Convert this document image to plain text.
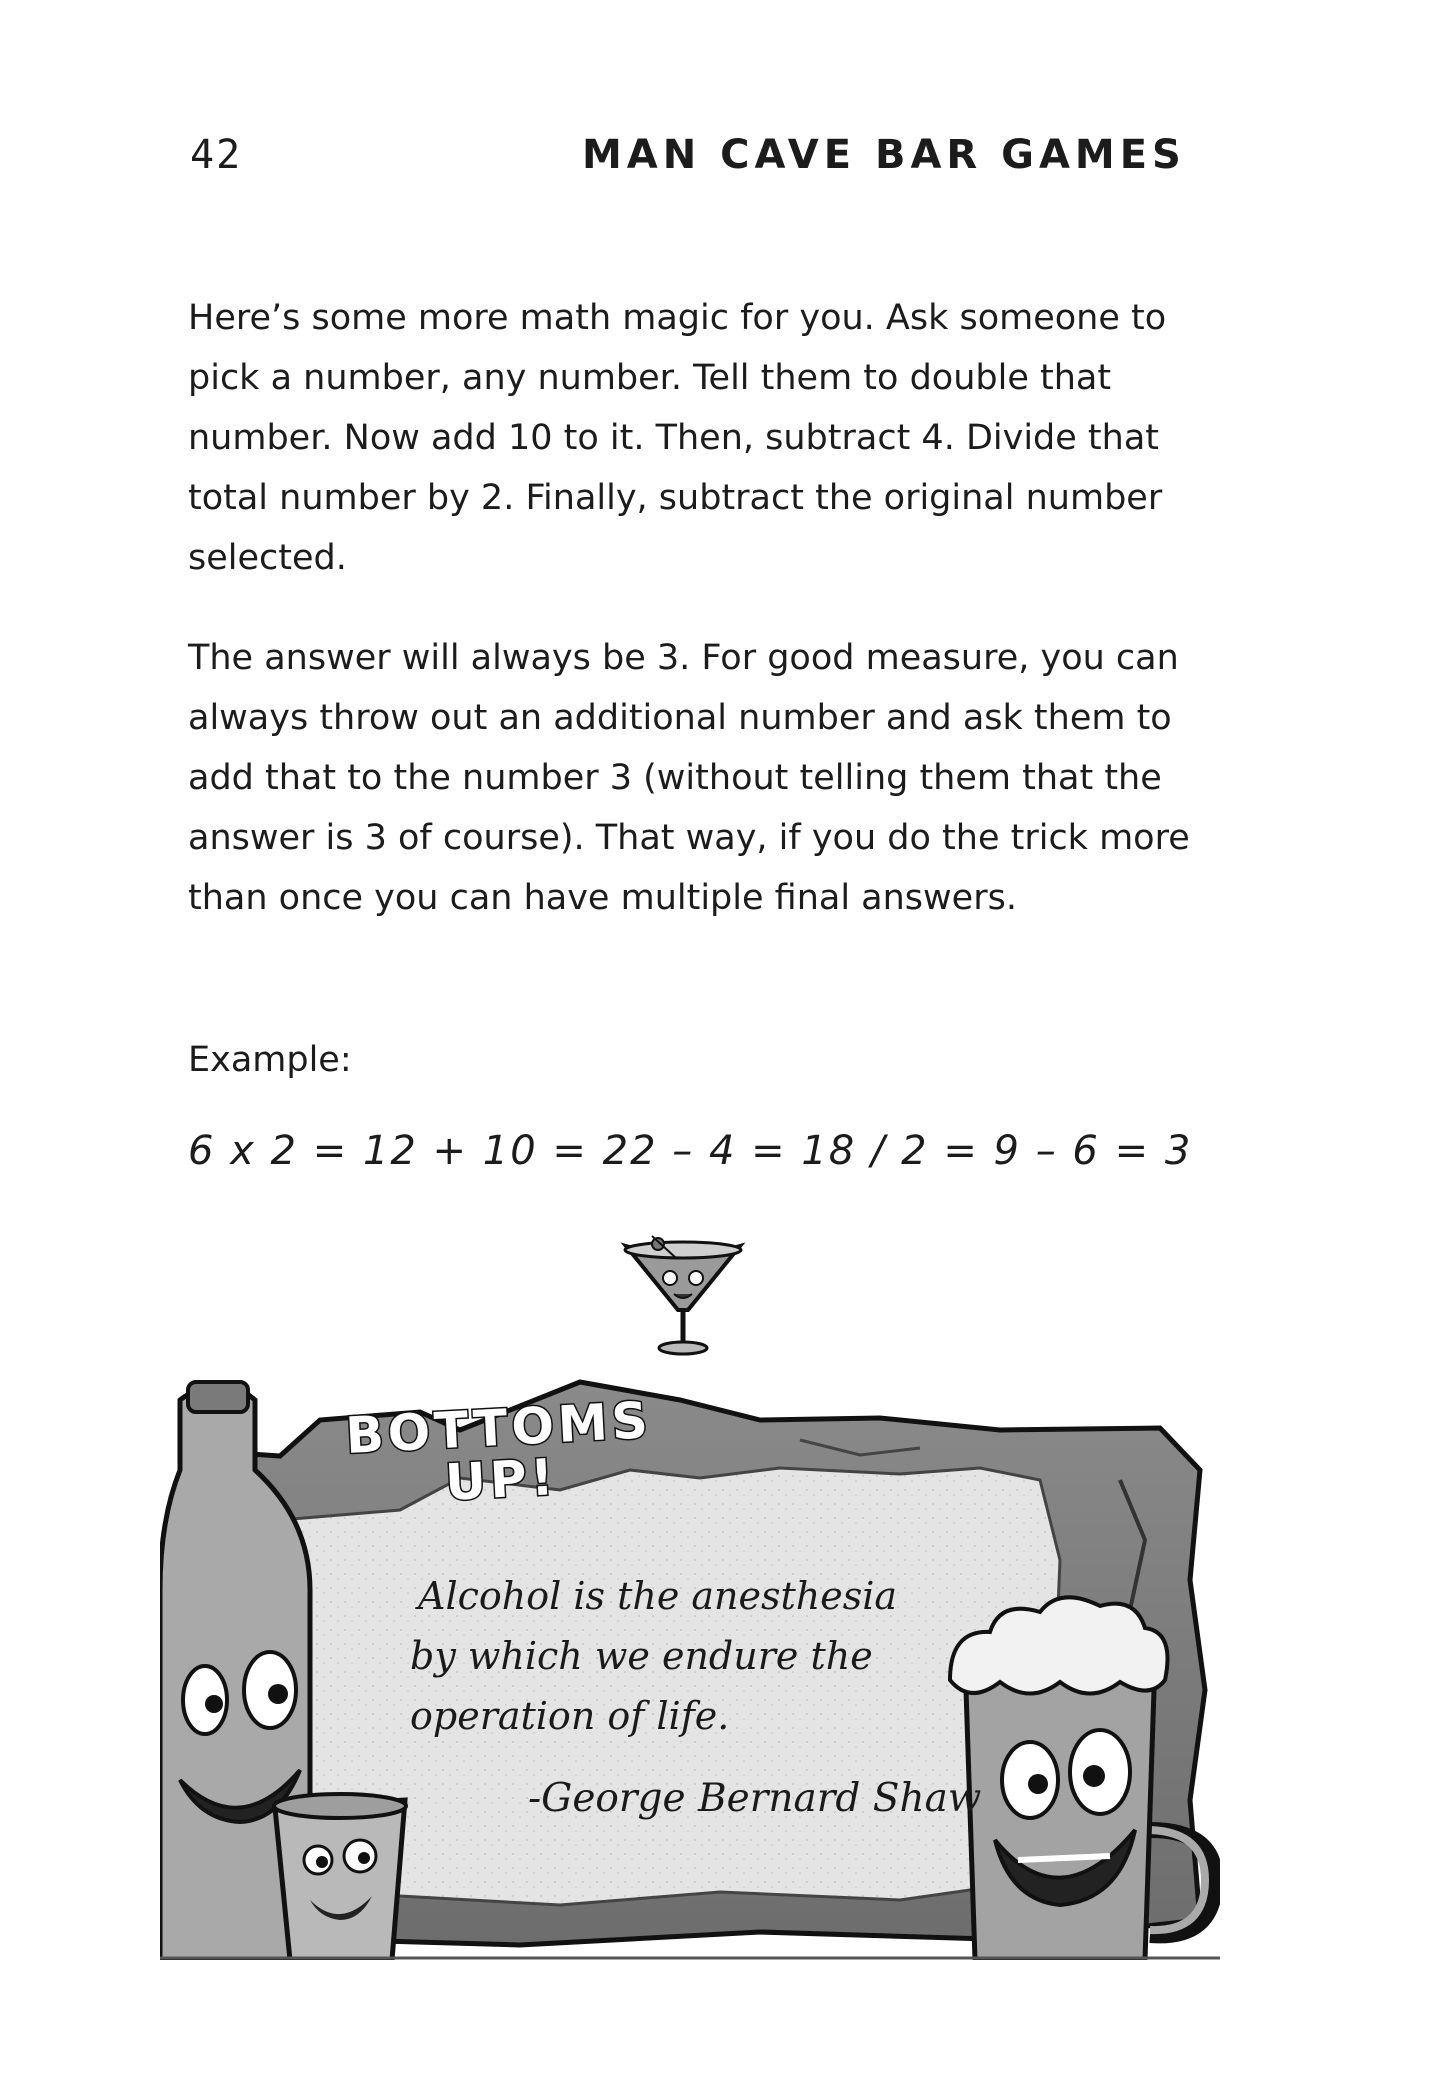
42	MAN CAVE BAR GAMES

Here’s some more math magic for you. Ask someone to pick a number, any number. Tell them to double that number. Now add 10 to it. Then, subtract 4. Divide that total number by 2. Finally, subtract the original number selected.

The answer will always be 3. For good measure, you can always throw out an additional number and ask them to add that to the number 3 (without telling them that the answer is 3 of course). That way, if you do the trick more than once you can have multiple final answers.

Example:

6 x 2 = 12 + 10 = 22 – 4 = 18 / 2 = 9 – 6 = 3

BOTTOMS
UP!
Alcohol is the anesthesia
by which we endure the
operation of life.
-George Bernard Shaw
